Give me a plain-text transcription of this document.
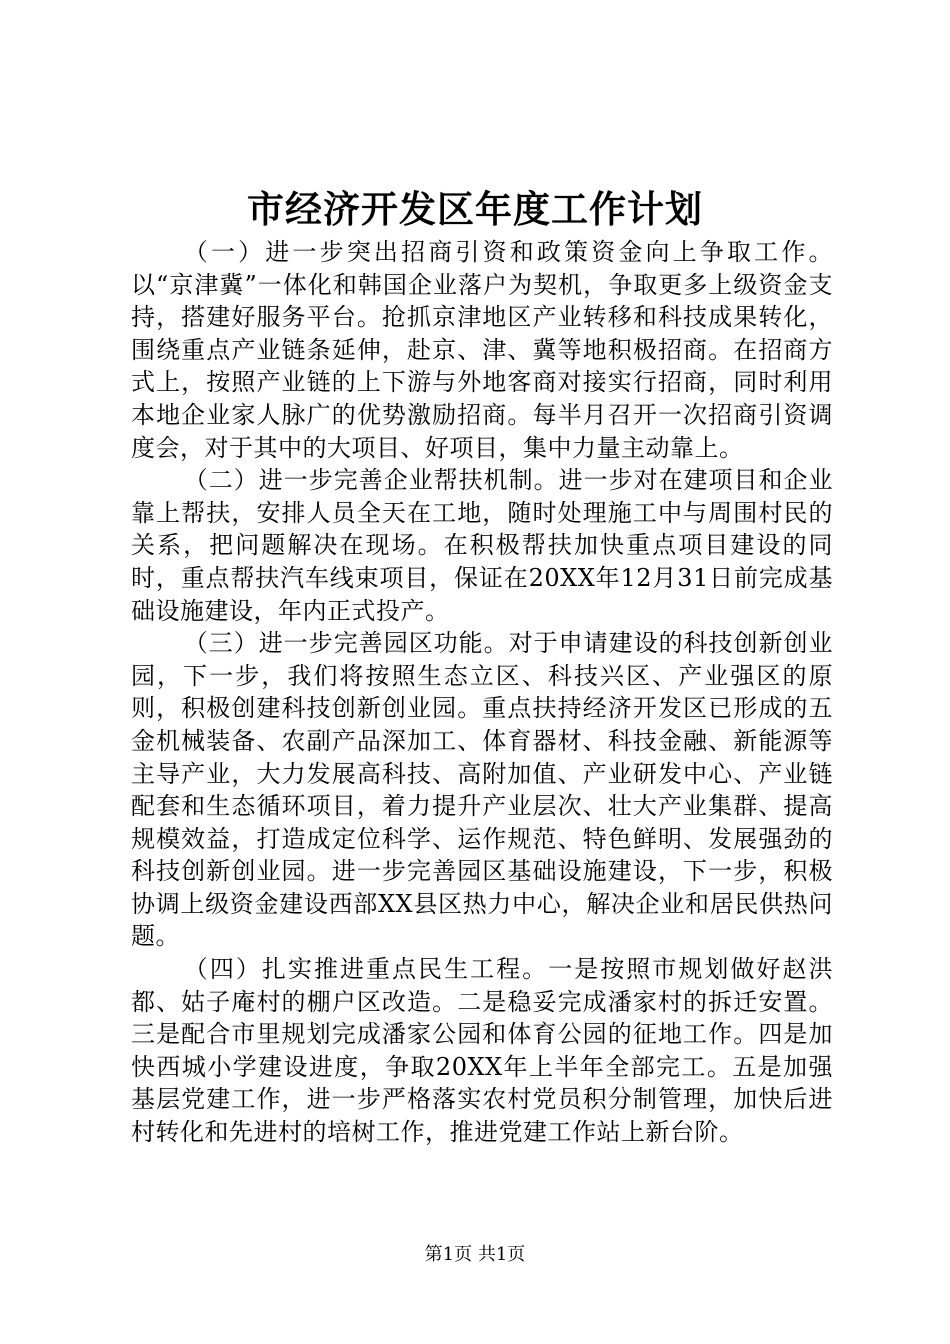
市经济开发区年度工作计划

（一）进一步突出招商引资和政策资金向上争取工作。以“京津冀”一体化和韩国企业落户为契机，争取更多上级资金支持，搭建好服务平台。抢抓京津地区产业转移和科技成果转化，围绕重点产业链条延伸，赴京、津、冀等地积极招商。在招商方式上，按照产业链的上下游与外地客商对接实行招商，同时利用本地企业家人脉广的优势激励招商。每半月召开一次招商引资调度会，对于其中的大项目、好项目，集中力量主动靠上。

（二）进一步完善企业帮扶机制。进一步对在建项目和企业靠上帮扶，安排人员全天在工地，随时处理施工中与周围村民的关系，把问题解决在现场。在积极帮扶加快重点项目建设的同时，重点帮扶汽车线束项目，保证在20XX年12月31日前完成基础设施建设，年内正式投产。

（三）进一步完善园区功能。对于申请建设的科技创新创业园，下一步，我们将按照生态立区、科技兴区、产业强区的原则，积极创建科技创新创业园。重点扶持经济开发区已形成的五金机械装备、农副产品深加工、体育器材、科技金融、新能源等主导产业，大力发展高科技、高附加值、产业研发中心、产业链配套和生态循环项目，着力提升产业层次、壮大产业集群、提高规模效益，打造成定位科学、运作规范、特色鲜明、发展强劲的科技创新创业园。进一步完善园区基础设施建设，下一步，积极协调上级资金建设西部XX县区热力中心，解决企业和居民供热问题。

（四）扎实推进重点民生工程。一是按照市规划做好赵洪都、姑子庵村的棚户区改造。二是稳妥完成潘家村的拆迁安置。三是配合市里规划完成潘家公园和体育公园的征地工作。四是加快西城小学建设进度，争取20XX年上半年全部完工。五是加强基层党建工作，进一步严格落实农村党员积分制管理，加快后进村转化和先进村的培树工作，推进党建工作站上新台阶。

第1页 共1页
